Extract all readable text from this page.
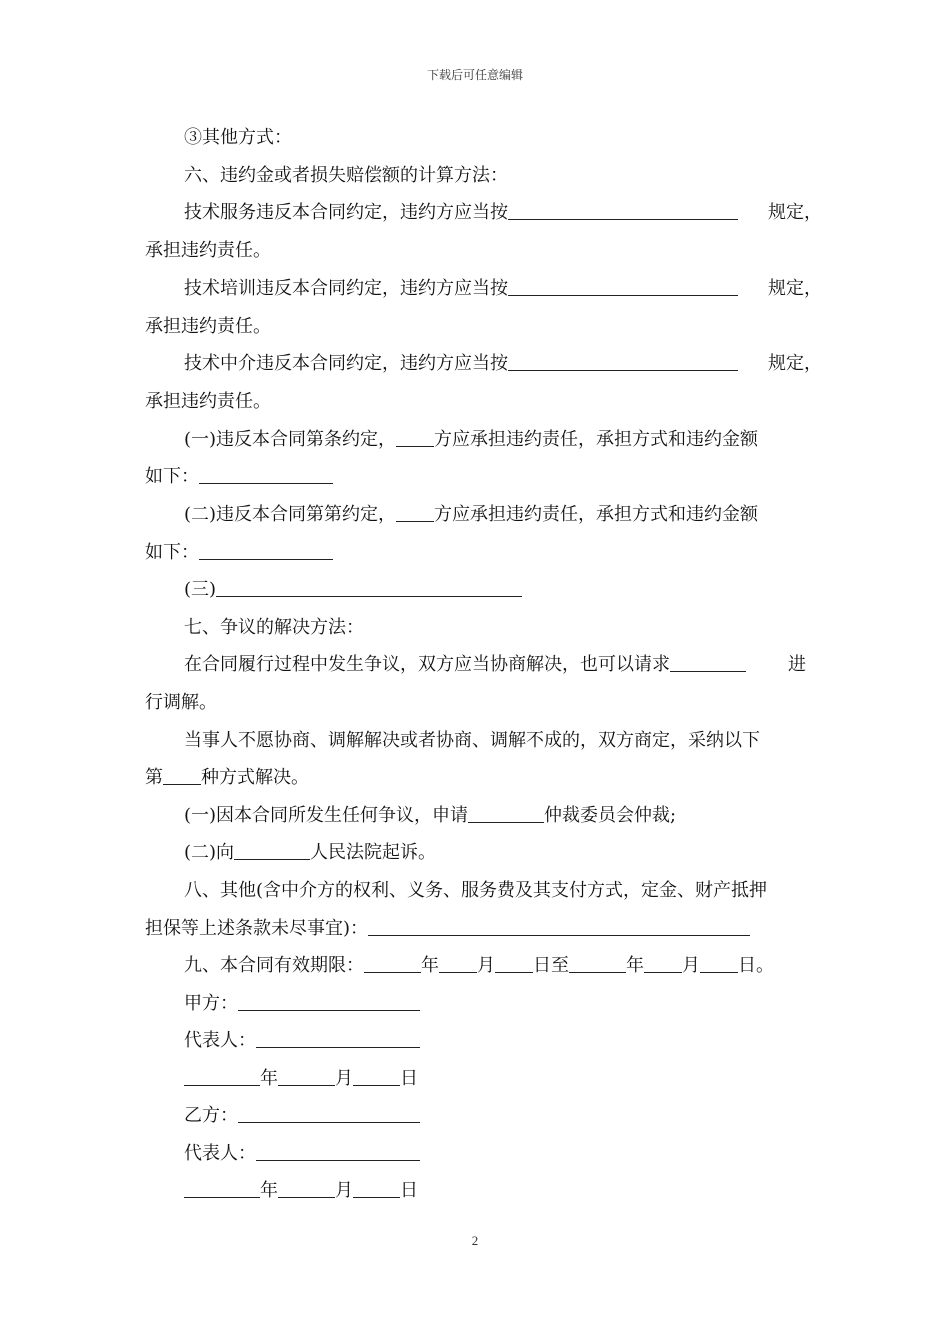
下载后可任意编辑
③其他方式：
六、违约金或者损失赔偿额的计算方法：
技术服务违反本合同约定，违约方应当按	规定，
承担违约责任。
技术培训违反本合同约定，违约方应当按	规定，
承担违约责任。
技术中介违反本合同约定，违约方应当按	规定，
承担违约责任。
(一)违反本合同第条约定， 方应承担违约责任，承担方式和违约金额
如下：
(二)违反本合同第第约定， 方应承担违约责任，承担方式和违约金额
如下：
(三)
七、争议的解决方法：
在合同履行过程中发生争议，双方应当协商解决，也可以请求	进
行调解。
当事人不愿协商、调解解决或者协商、调解不成的，双方商定，采纳以下
第 种方式解决。
(一)因本合同所发生任何争议，申请	仲裁委员会仲裁;
(二)向	人民法院起诉。
八、其他(含中介方的权利、义务、服务费及其支付方式，定金、财产抵押
担保等上述条款未尽事宜)：
九、本合同有效期限：	年 月 日至	年 月 日。
甲方：
代表人：
年	月	日
乙方：
代表人：
年	月	日
2
